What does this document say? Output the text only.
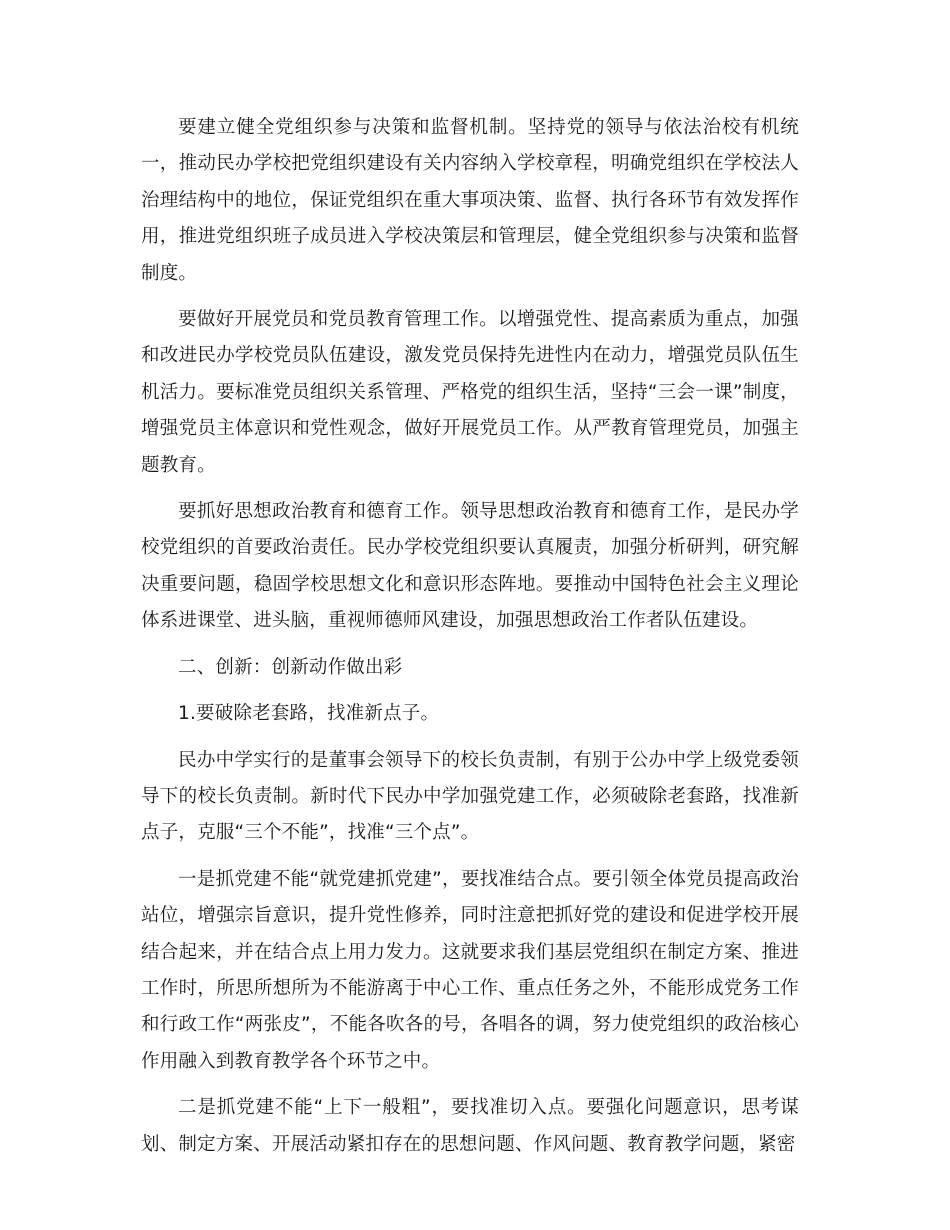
要建立健全党组织参与决策和监督机制。坚持党的领导与依法治校有机统一，推动民办学校把党组织建设有关内容纳入学校章程，明确党组织在学校法人治理结构中的地位，保证党组织在重大事项决策、监督、执行各环节有效发挥作用，推进党组织班子成员进入学校决策层和管理层，健全党组织参与决策和监督制度。

要做好开展党员和党员教育管理工作。以增强党性、提高素质为重点，加强和改进民办学校党员队伍建设，激发党员保持先进性内在动力，增强党员队伍生机活力。要标准党员组织关系管理、严格党的组织生活，坚持“三会一课”制度，增强党员主体意识和党性观念，做好开展党员工作。从严教育管理党员，加强主题教育。

要抓好思想政治教育和德育工作。领导思想政治教育和德育工作，是民办学校党组织的首要政治责任。民办学校党组织要认真履责，加强分析研判，研究解决重要问题，稳固学校思想文化和意识形态阵地。要推动中国特色社会主义理论体系进课堂、进头脑，重视师德师风建设，加强思想政治工作者队伍建设。

二、创新：创新动作做出彩

1.要破除老套路，找准新点子。

民办中学实行的是董事会领导下的校长负责制，有别于公办中学上级党委领导下的校长负责制。新时代下民办中学加强党建工作，必须破除老套路，找准新点子，克服“三个不能”，找准“三个点”。

一是抓党建不能“就党建抓党建”，要找准结合点。要引领全体党员提高政治站位，增强宗旨意识，提升党性修养，同时注意把抓好党的建设和促进学校开展结合起来，并在结合点上用力发力。这就要求我们基层党组织在制定方案、推进工作时，所思所想所为不能游离于中心工作、重点任务之外，不能形成党务工作和行政工作“两张皮”，不能各吹各的号，各唱各的调，努力使党组织的政治核心作用融入到教育教学各个环节之中。

二是抓党建不能“上下一般粗”，要找准切入点。要强化问题意识，思考谋划、制定方案、开展活动紧扣存在的思想问题、作风问题、教育教学问题，紧密
